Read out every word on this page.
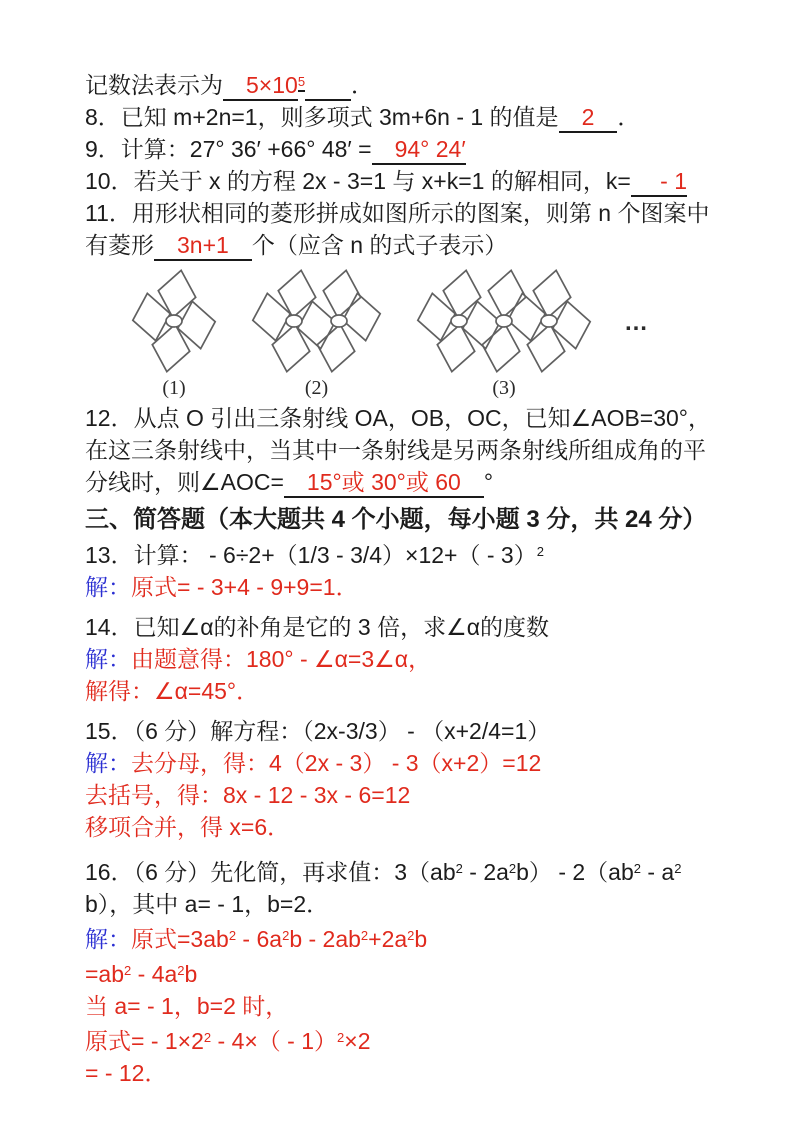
记数法表示为　$5\times 10^5$　　 ．
8．已知 m+2n=1，则多项式 3m+6n - 1 的值是　2　．
9．计算：27° 36′ +66° 48′ =　94° 24′
10．若关于 x 的方程 2x - 3=1 与 x+k=1 的解相同，k=　 - 1
11．用形状相同的菱形拼成如图所示的图案，则第 n 个图案中有菱形　3n+1　个（应含 n 的式子表示）
(1)	(2)	(3)
…
12．从点 O 引出三条射线 OA，OB，OC，已知∠AOB=30°，在这三条射线中，当其中一条射线是另两条射线所组成角的平分线时，则∠AOC=　15°或 30°或 60　°
三、简答题（本大题共 4 个小题，每小题 3 分，共 24 分）
13．计算： - 6÷2+（1/3 - 3/4）×12+（ - 3）$^2$
解：原式= - 3+4 - 9+9=1．
14．已知∠α的补角是它的 3 倍，求∠α的度数
解：由题意得：180° - ∠α=3∠α，
解得：∠α=45°．
15．（6 分）解方程：（2x-3/3） - （x+2/4=1）
解：去分母，得：4（2x - 3） - 3（x+2）=12
去括号，得：8x - 12 - 3x - 6=12
移项合并，得 x=6．
16．（6 分）先化简，再求值：$3(ab^2 - 2a^2b) - 2(ab^2 - a^2b)$，其中 a= - 1，b=2．
解：原式$=3ab^2 - 6a^2b - 2ab^2+2a^2b$
$=ab^2 - 4a^2b$
当 a= - 1，b=2 时，
原式= - $1\times 2^2 - 4\times( - 1)^2\times 2$
= - 12．
